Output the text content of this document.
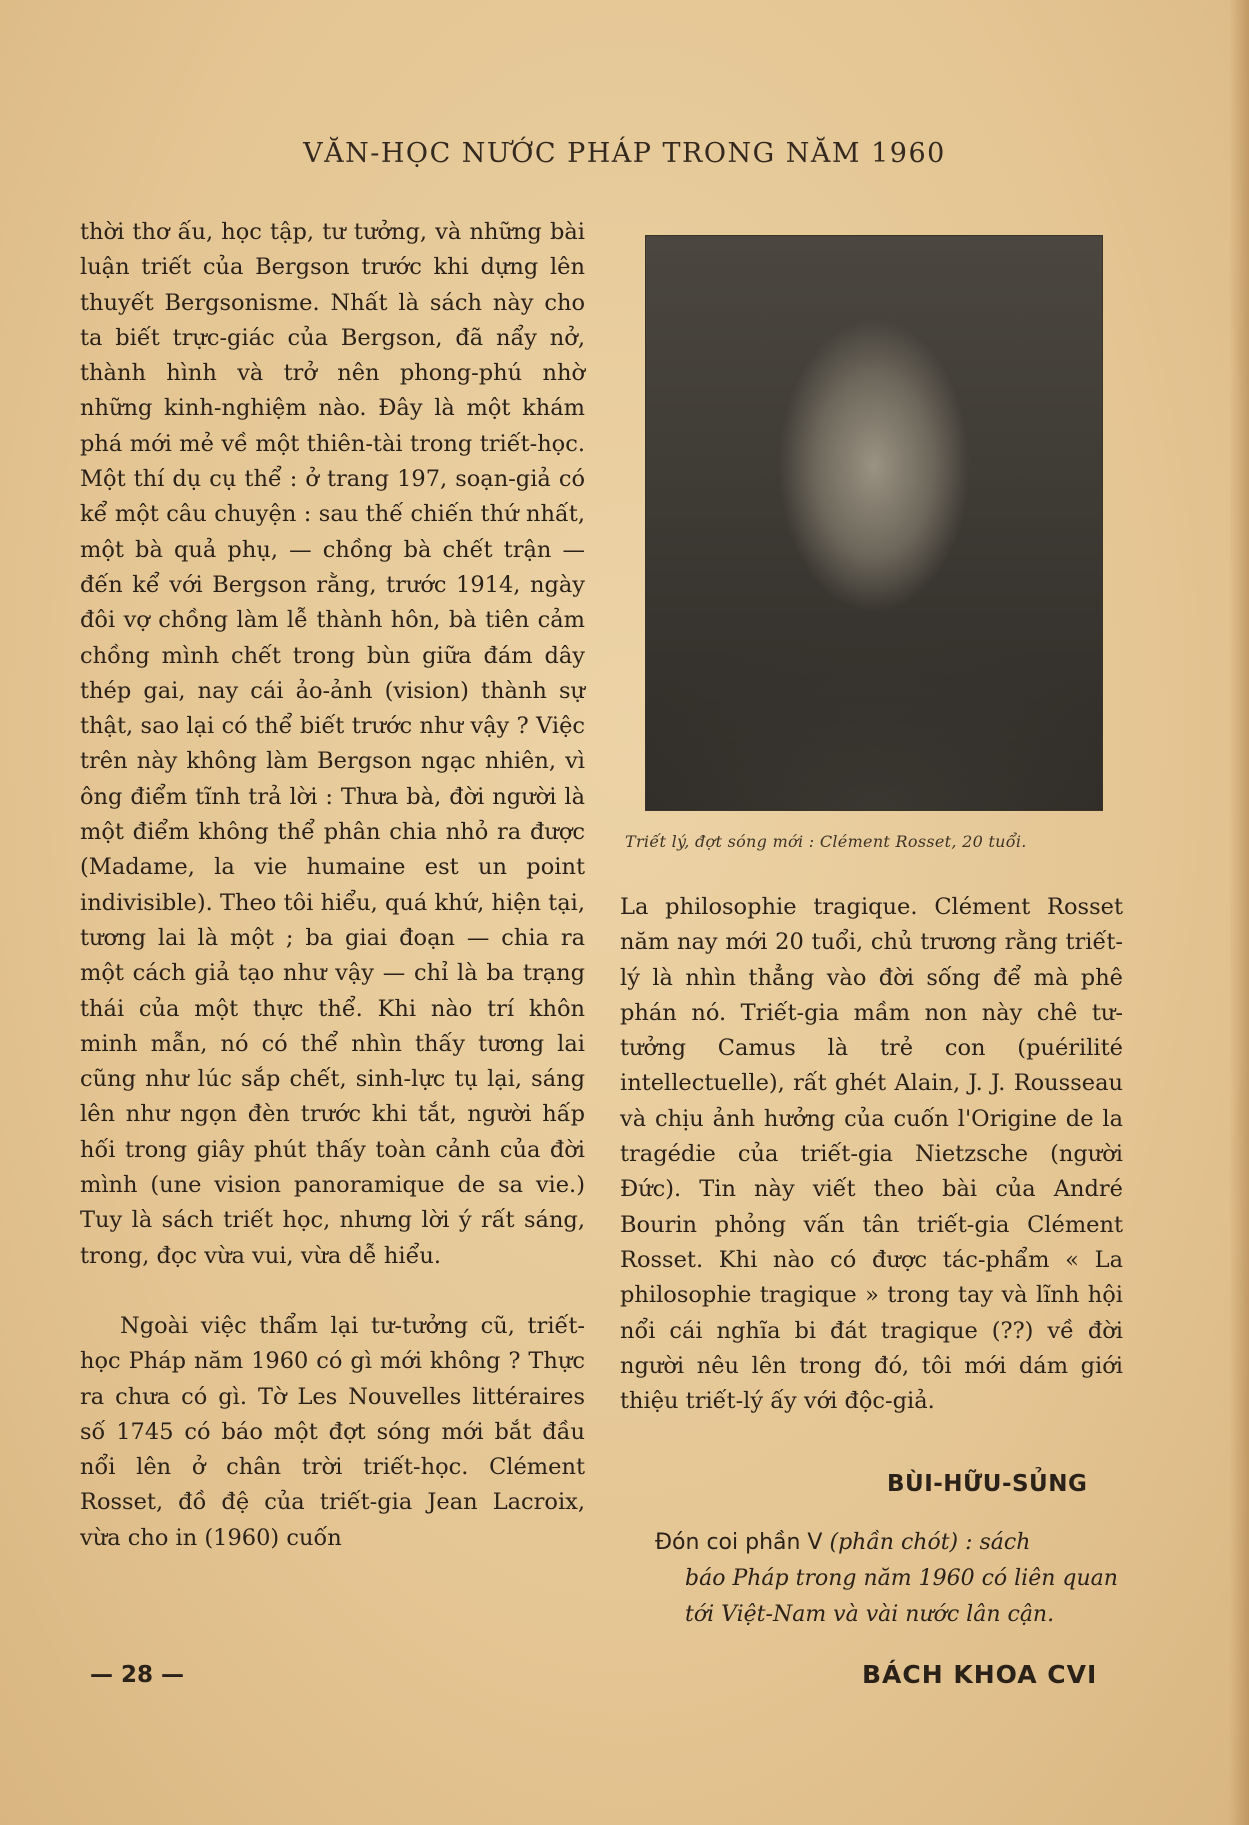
VĂN-HỌC NƯỚC PHÁP TRONG NĂM 1960
thời thơ ấu, học tập, tư tưởng, và những bài luận triết của Bergson trước khi dựng lên thuyết Bergsonisme. Nhất là sách này cho ta biết trực-giác của Bergson, đã nẩy nở, thành hình và trở nên phong-phú nhờ những kinh-nghiệm nào. Đây là một khám phá mới mẻ về một thiên-tài trong triết-học. Một thí dụ cụ thể : ở trang 197, soạn-giả có kể một câu chuyện : sau thế chiến thứ nhất, một bà quả phụ, — chồng bà chết trận — đến kể với Bergson rằng, trước 1914, ngày đôi vợ chồng làm lễ thành hôn, bà tiên cảm chồng mình chết trong bùn giữa đám dây thép gai, nay cái ảo-ảnh (vision) thành sự thật, sao lại có thể biết trước như vậy ? Việc trên này không làm Bergson ngạc nhiên, vì ông điểm tĩnh trả lời : Thưa bà, đời người là một điểm không thể phân chia nhỏ ra được (Madame, la vie humaine est un point indivisible). Theo tôi hiểu, quá khứ, hiện tại, tương lai là một ; ba giai đoạn — chia ra một cách giả tạo như vậy — chỉ là ba trạng thái của một thực thể. Khi nào trí khôn minh mẫn, nó có thể nhìn thấy tương lai cũng như lúc sắp chết, sinh-lực tụ lại, sáng lên như ngọn đèn trước khi tắt, người hấp hối trong giây phút thấy toàn cảnh của đời mình (une vision panoramique de sa vie.) Tuy là sách triết học, nhưng lời ý rất sáng, trong, đọc vừa vui, vừa dễ hiểu.
Ngoài việc thẩm lại tư-tưởng cũ, triết-học Pháp năm 1960 có gì mới không ? Thực ra chưa có gì. Tờ Les Nouvelles littéraires số 1745 có báo một đợt sóng mới bắt đầu nổi lên ở chân trời triết-học. Clément Rosset, đồ đệ của triết-gia Jean Lacroix, vừa cho in (1960) cuốn
Triết lý, đợt sóng mới : Clément Rosset, 20 tuổi.
La philosophie tragique. Clément Rosset năm nay mới 20 tuổi, chủ trương rằng triết-lý là nhìn thẳng vào đời sống để mà phê phán nó. Triết-gia mầm non này chê tư-tưởng Camus là trẻ con (puérilité intellectuelle), rất ghét Alain, J. J. Rousseau và chịu ảnh hưởng của cuốn l'Origine de la tragédie của triết-gia Nietzsche (người Đức). Tin này viết theo bài của André Bourin phỏng vấn tân triết-gia Clément Rosset. Khi nào có được tác-phẩm « La philosophie tragique » trong tay và lĩnh hội nổi cái nghĩa bi đát tragique (??) về đời người nêu lên trong đó, tôi mới dám giới thiệu triết-lý ấy với độc-giả.
BÙI-HỮU-SỦNG
Đón coi phần V (phần chót) : sách
báo Pháp trong năm 1960 có liên quan
tới Việt-Nam và vài nước lân cận.
— 28 —	BÁCH KHOA CVI
